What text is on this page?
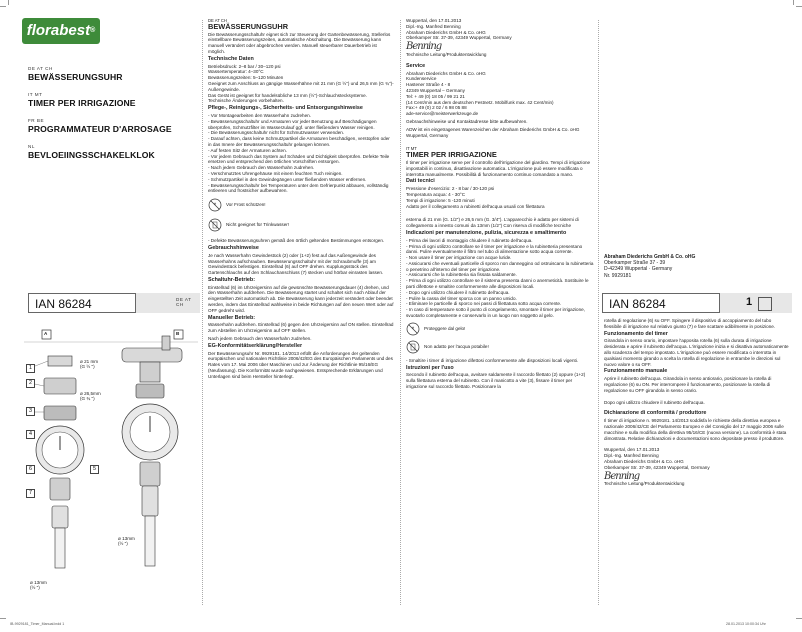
florabest®
DE AT CH
BEWÄSSERUNGSUHR
IT MT
TIMER PER IRRIGAZIONE
FR BE
PROGRAMMATEUR D'ARROSAGE
NL
BEVLOEIINGSSCHAKELKLOK
IAN 86284	DE AT CH
A	B
1
2
3
4
5
6
7
ø 21 mm
(G ½ ")
ø 26,5mm
(G ¾ ")
ø 13mm
(½ ")
ø 13mm
(½ ")
DE AT CH
BEWÄSSERUNGSUHR

Die Bewässerungsschaltuhr eignet sich zur Steuerung der Gartenbewässerung, Stellerlos einstellbare Bewässerungszeiten, automatische Abschaltung. Die Bewässerung kann manuell verändert oder abgebrochen werden. Manuell steuerbarer Dauerbetrieb ist möglich.

Technische Daten
Betriebsdruck: 2–8 bar / 30–120 psi
Wassertemperatur: 4–30°C
Bewässerungszeiten: 5–120 Minuten
Geeignet zum Anschluss an gängige Wasserhähne mit 21 mm (G ½") und 26,5 mm (G ¾")-Außengewinde.
Das Gerät ist geeignet für handelsübliche 13 mm (½")-Schlauchstecksysteme.

Technische Änderungen vorbehalten.

Pflege-, Reinigungs-, Sicherheits- und Entsorgungshinweise
- Vor Montagearbeiten den Wasserhahn zudrehen.
- Bewässerungsschaltuhr und Armaturen vor jeder Benutzung auf Beschädigungen überprüfen, Schmutzfilter im Wasserzulauf ggf. unter fließendem Wasser reinigen.
- Die Bewässerungsschaltuhr nicht für Schmutzwasser verwenden.
- Darauf achten, dass keine Schmutzpartikel die Armaturen beschädigen, verstopfen oder in das Innere der Bewässerungsschaltuhr gelangen können.
- Auf festen Sitz der Armaturen achten.
- Vor jedem Gebrauch das System auf Schäden und Dichtigkeit überprüfen. Defekte Teile ersetzen und entsprechend den örtlichen Vorschriften entsorgen.
- Nach jedem Gebrauch den Wasserhahn zudrehen.
- Verschmutztes Uhrengehäuse mit einem feuchten Tuch reinigen.
- Schmutzpartikel in den Gewindegängen unter fließendem Wasser entfernen.

- Bewässerungsschaltuhr bei Temperaturen unter dem Gefrierpunkt abbauen, vollständig entleeren und frostsicher aufbewahren.

* Vor Frost schützen!
Nicht geeignet für Trinkwasser!

- Defekte Bewässerungsuhren gemäß den örtlich geltenden Bestimmungen entsorgen.

Gebrauchshinweise

Je nach Wasserhahn Gewindestück (2) oder (1+2) fest auf das Außengewinde des Wasserhahns aufschrauben. Bewässerungsschaltuhr mit der Schraubmuffe (3) am Gewindestück befestigen. Einstellrad (6) auf OFF drehen. Kupplungsstück des Gartenschlauchs auf den Schlauchanschluss (7) stecken und hörbar einrasten lassen.

Schaltuhr-Betrieb:

Einstellrad (6) im Uhrzeigersinn auf die gewünschte Bewässerungsdauer (4) drehen, und den Wasserhahn aufdrehen. Die Bewässerung startet und schaltet sich nach Ablauf der eingestellten Zeit automatisch ab. Die Bewässerung kann jederzeit verändert oder beendet werden, indem das Einstellrad wahlweise in beide Richtungen auf den neuen Wert oder auf OFF gedreht wird.

Manueller Betrieb:

Wasserhahn aufdrehen. Einstellrad (6) gegen den Uhrzeigersinn auf ON stellen. Einstellrad zum Abstellen im Uhrzeigersinn auf OFF stellen.

Nach jedem Gebrauch den Wasserhahn zudrehen.

EG-Konformitätserklärung/Hersteller

Der Bewässerungsuhr Nr. 9929181. 14/2013 erfüllt die Anforderungen der geltenden europäischen und nationalen Richtlinie 2006/42/EG des Europäischen Parlaments und des Rates vom 17. Mai 2006 über Maschinen und zur Änderung der Richtlinie 95/16/EG (Neufassung). Die Konformität wurde nachgewiesen. Entsprechende Erklärungen und Unterlagen sind beim Hersteller hinterlegt.

Wuppertal, den 17.01.2013
Dipl.-Ing. Manfred Benning
Abraham Diederichs GmbH & Co. oHG
Oberkamper Str. 37-39, 42349 Wuppertal, Germany
Benning

Technische Leitung/Produktentwicklung

Service
Abraham Diederichs GmbH & Co. oHG
Kundenservice
Hastener Straße 4 - 8
42349 Wuppertal – Germany
Tel: + 49 (0) 18 05 / 99 21 21
(14 Cent/min aus dem deutschen Festnetz. Mobilfunk max. 42 Cent/min)
Fax:+ 49 (0) 2 02 / 6 98 05 88

ade-service@meisterwerkzeuge.de

Gebrauchshinweise und Kontaktadresse bitte aufbewahren.

ADW ist ein eingetragenes Warenzeichen der Abraham Diederichs GmbH & Co. oHG Wuppertal, Germany

IT MT
TIMER PER IRRIGAZIONE

Il timer per irrigazione serve per il controllo dell'irrigazione del giardino. Tempi di irrigazione impostabili in continuo, disattivazione automatica. L'irrigazione può essere modificata o interrotta manualmente. Possibilità di funzionamento continuo comandato a mano.

Dati tecnici
Pressione d'esercizio: 2 - 8 bar / 30-120 psi
Temperatura acqua: 4 - 30°C
Tempi di irrigazione: 5 -120 minuti

Adatto per il collegamento a rubinetti dell'acqua usuali con filettatura

esterna di 21 mm (G. 1/2") e 26,5 mm (G. 3/4"). L'apparecchio è adatto per sistemi di collegamento a innesto comuni da 13mm (1/2") Con riserva di modifiche tecniche

Indicazioni per manutenzione, pulizia, sicurezza e smaltimento
- Prima dei lavori di montaggio chiudere il rubinetto dell'acqua.
- Prima di ogni utilizzo controllare se il timer per irrigazione e la rubinetteria presentano danni. Pulire eventualmente il filtro nel tubo di alimentazione sotto acqua corrente.
- Non usare il timer per irrigazione con acque luride.
- Assicurarsi che eventuali particelle di sporco non danneggino od ostruiscano la rubinetteria o penetrino all'interno del timer per irrigazione.
- Assicurarsi che la rubinetteria sia fissata saldamente.
- Prima di ogni utilizzo controllare se il sistema presenta danni o anermeticità. Sostituire le parti difettose e smaltire conformemente alle disposizioni locali.
- Dopo ogni utilizzo chiudere il rubinetto dell'acqua.
- Pulire la cassa del timer sporca con un panno umido.
- Eliminare le particelle di sporco nei passi di filettatura sotto acqua corrente.

- In caso di temperature sotto il punto di congelamento, smontare il timer per irrigazione, svuotarlo completamente e conservarlo in un luogo non soggetto al gelo.

* Proteggere dal gelo!
Non adatto per l'acqua potabile!

- Smaltire i timer di irrigazione difettosi conformemente alle disposizioni locali vigenti.

Istruzioni per l'uso

Secondo il rubinetto dell'acqua, avvitare saldamente il raccordo filettato (2) oppure (1+2) sulla filettatura esterna del rubinetto. Con il manicotto a vite (3), fissare il timer per irrigazione sul raccordo filettato. Posizionare la

Abraham Diederichs GmbH & Co. oHG
Oberkamper Straße 37 - 39
D-42349 Wuppertal · Germany
Nr. 9929181
IAN 86284	1

rotella di regolazione (6) su OFF. Spingere il dispositivo di accoppiamento del tubo flessibile di irrigazione sul relativo giunto (7) e fare scattare udibilmente in posizione.

Funzionamento del timer

Girandola in senso orario, impostare l'apposita rotella (6) sulla durata di irrigazione desiderata e aprire il rubinetto dell'acqua. L'irrigazione inizia e si disattiva automaticamente allo scadenza del tempo impostato. L'irrigazione può essere modificata o interrotta in qualsiasi momento girando a scelta la rotella di regolazione in entrambe le direzioni sul nuovo valore o su OFF.

Funzionamento manuale

Aprire il rubinetto dell'acqua. Girandola in senso antiorario, posizionare la rotella di regolazione (6) su ON. Per interrompere il funzionamento, posizionare la rotella di regolazione su OFF girandola in senso orario.

Dopo ogni utilizzo chiudere il rubinetto dell'acqua.

Dichiarazione di conformità / produttore

Il timer di irrigazione n. 9929181. 14/2013 soddisfa le richieste della direttiva europea e nazionale 2006/42/CE del Parlamento Europeo e del Consiglio del 17 maggio 2006 sulle macchine e sulla modifica della direttiva 95/16/CE (nuova versione). La conformità è stata dimostrata. Relative dichiarazioni e documentazioni sono depositate presso il produttore.

Wuppertal, den 17.01.2013
Dipl.-Ing. Manfred Benning
Abraham Diederichs GmbH & Co. oHG
Oberkamper Str. 37-39, 42349 Wuppertal, Germany
Benning
Technische Leitung/Produktentwicklung
IB-9929181_Timer_Manual.indd 1	28.01.2013 10:00:34 Uhr
